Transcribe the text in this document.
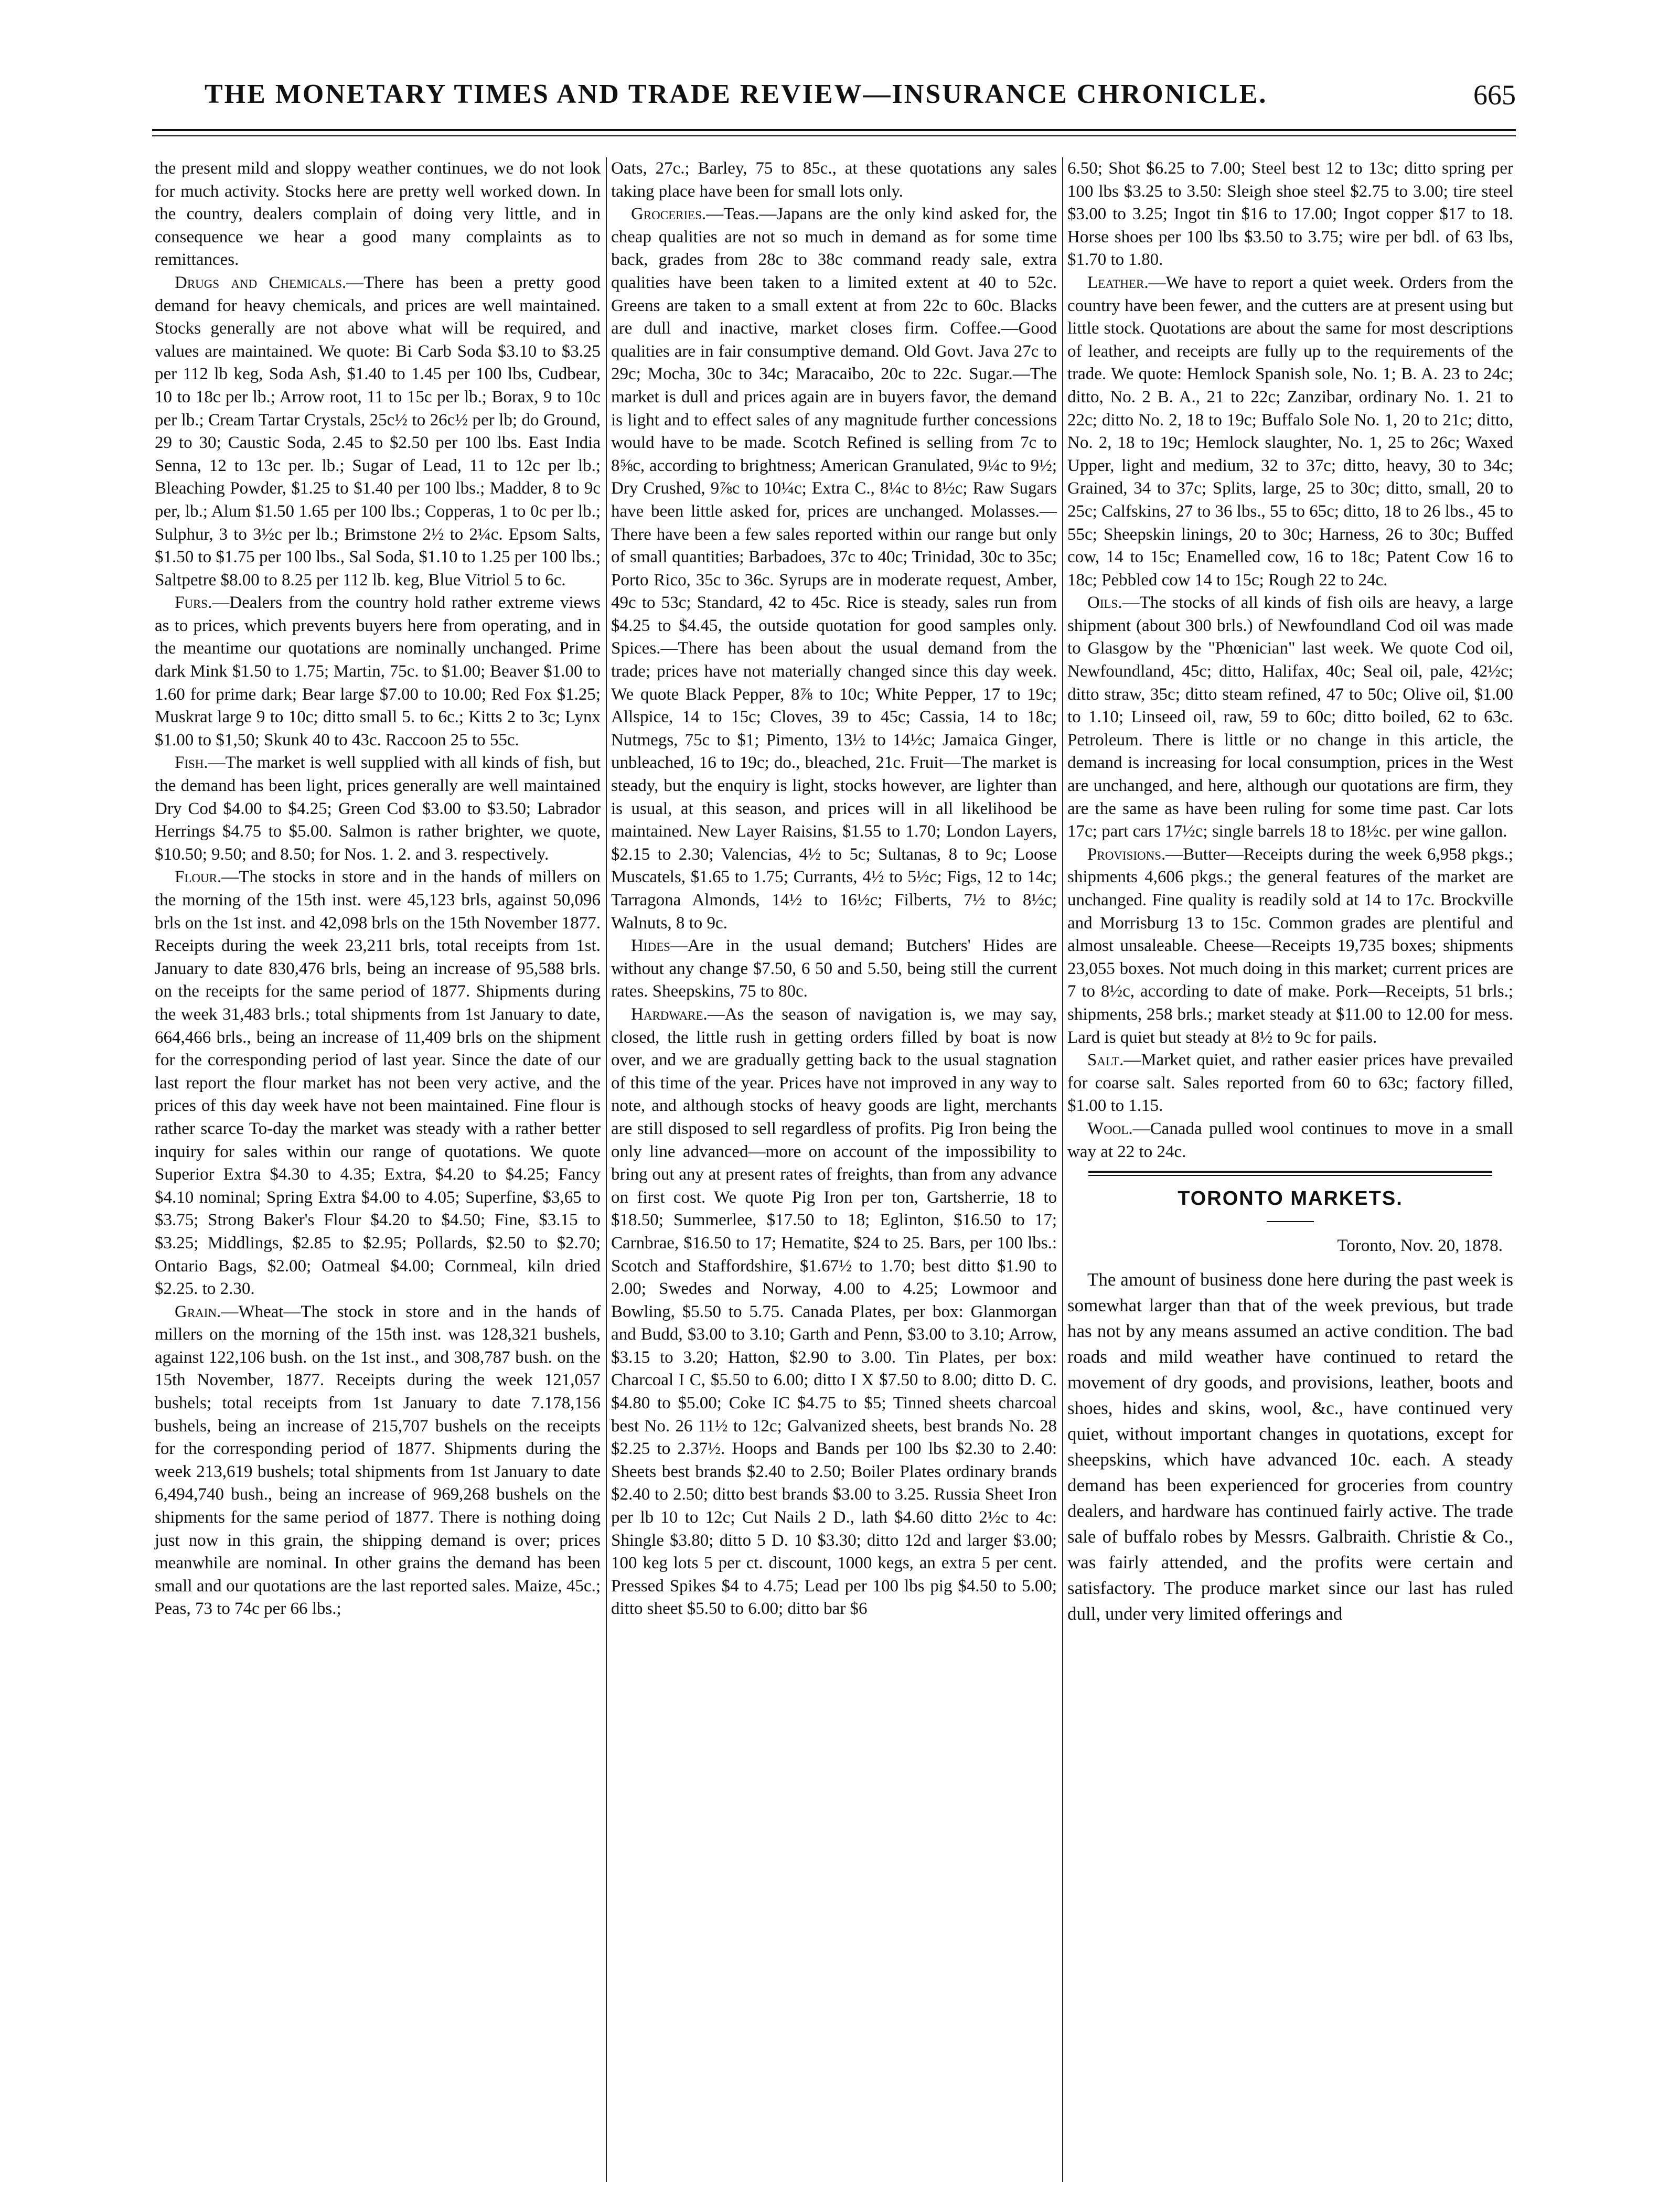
THE MONETARY TIMES AND TRADE REVIEW—INSURANCE CHRONICLE.	665

the present mild and sloppy weather continues, we do not look for much activity. Stocks here are pretty well worked down. In the country, dealers complain of doing very little, and in consequence we hear a good many complaints as to remittances.

Drugs and Chemicals.—There has been a pretty good demand for heavy chemicals, and prices are well maintained. Stocks generally are not above what will be required, and values are maintained. We quote: Bi Carb Soda $3.10 to $3.25 per 112 lb keg, Soda Ash, $1.40 to 1.45 per 100 lbs, Cudbear, 10 to 18c per lb.; Arrow root, 11 to 15c per lb.; Borax, 9 to 10c per lb.; Cream Tartar Crystals, 25c½ to 26c½ per lb; do Ground, 29 to 30; Caustic Soda, 2.45 to $2.50 per 100 lbs. East India Senna, 12 to 13c per. lb.; Sugar of Lead, 11 to 12c per lb.; Bleaching Powder, $1.25 to $1.40 per 100 lbs.; Madder, 8 to 9c per, lb.; Alum $1.50 1.65 per 100 lbs.; Copperas, 1 to 0c per lb.; Sulphur, 3 to 3½c per lb.; Brimstone 2½ to 2¼c. Epsom Salts, $1.50 to $1.75 per 100 lbs., Sal Soda, $1.10 to 1.25 per 100 lbs.; Saltpetre $8.00 to 8.25 per 112 lb. keg, Blue Vitriol 5 to 6c.

Furs.—Dealers from the country hold rather extreme views as to prices, which prevents buyers here from operating, and in the meantime our quotations are nominally unchanged. Prime dark Mink $1.50 to 1.75; Martin, 75c. to $1.00; Beaver $1.00 to 1.60 for prime dark; Bear large $7.00 to 10.00; Red Fox $1.25; Muskrat large 9 to 10c; ditto small 5. to 6c.; Kitts 2 to 3c; Lynx $1.00 to $1,50; Skunk 40 to 43c. Raccoon 25 to 55c.

Fish.—The market is well supplied with all kinds of fish, but the demand has been light, prices generally are well maintained Dry Cod $4.00 to $4.25; Green Cod $3.00 to $3.50; Labrador Herrings $4.75 to $5.00. Salmon is rather brighter, we quote, $10.50; 9.50; and 8.50; for Nos. 1. 2. and 3. respectively.

Flour.—The stocks in store and in the hands of millers on the morning of the 15th inst. were 45,123 brls, against 50,096 brls on the 1st inst. and 42,098 brls on the 15th November 1877. Receipts during the week 23,211 brls, total receipts from 1st. January to date 830,476 brls, being an increase of 95,588 brls. on the receipts for the same period of 1877. Shipments during the week 31,483 brls.; total shipments from 1st January to date, 664,466 brls., being an increase of 11,409 brls on the shipment for the corresponding period of last year. Since the date of our last report the flour market has not been very active, and the prices of this day week have not been maintained. Fine flour is rather scarce To-day the market was steady with a rather better inquiry for sales within our range of quotations. We quote Superior Extra $4.30 to 4.35; Extra, $4.20 to $4.25; Fancy $4.10 nominal; Spring Extra $4.00 to 4.05; Superfine, $3,65 to $3.75; Strong Baker's Flour $4.20 to $4.50; Fine, $3.15 to $3.25; Middlings, $2.85 to $2.95; Pollards, $2.50 to $2.70; Ontario Bags, $2.00; Oatmeal $4.00; Cornmeal, kiln dried $2.25. to 2.30.

Grain.—Wheat—The stock in store and in the hands of millers on the morning of the 15th inst. was 128,321 bushels, against 122,106 bush. on the 1st inst., and 308,787 bush. on the 15th November, 1877. Receipts during the week 121,057 bushels; total receipts from 1st January to date 7.178,156 bushels, being an increase of 215,707 bushels on the receipts for the corresponding period of 1877. Shipments during the week 213,619 bushels; total shipments from 1st January to date 6,494,740 bush., being an increase of 969,268 bushels on the shipments for the same period of 1877. There is nothing doing just now in this grain, the shipping demand is over; prices meanwhile are nominal. In other grains the demand has been small and our quotations are the last reported sales. Maize, 45c.; Peas, 73 to 74c per 66 lbs.;

Oats, 27c.; Barley, 75 to 85c., at these quotations any sales taking place have been for small lots only.

Groceries.—Teas.—Japans are the only kind asked for, the cheap qualities are not so much in demand as for some time back, grades from 28c to 38c command ready sale, extra qualities have been taken to a limited extent at 40 to 52c. Greens are taken to a small extent at from 22c to 60c. Blacks are dull and inactive, market closes firm. Coffee.—Good qualities are in fair consumptive demand. Old Govt. Java 27c to 29c; Mocha, 30c to 34c; Maracaibo, 20c to 22c. Sugar.—The market is dull and prices again are in buyers favor, the demand is light and to effect sales of any magnitude further concessions would have to be made. Scotch Refined is selling from 7c to 8⅝c, according to brightness; American Granulated, 9¼c to 9½; Dry Crushed, 9⅞c to 10¼c; Extra C., 8¼c to 8½c; Raw Sugars have been little asked for, prices are unchanged. Molasses.—There have been a few sales reported within our range but only of small quantities; Barbadoes, 37c to 40c; Trinidad, 30c to 35c; Porto Rico, 35c to 36c. Syrups are in moderate request, Amber, 49c to 53c; Standard, 42 to 45c. Rice is steady, sales run from $4.25 to $4.45, the outside quotation for good samples only. Spices.—There has been about the usual demand from the trade; prices have not materially changed since this day week. We quote Black Pepper, 8⅞ to 10c; White Pepper, 17 to 19c; Allspice, 14 to 15c; Cloves, 39 to 45c; Cassia, 14 to 18c; Nutmegs, 75c to $1; Pimento, 13½ to 14½c; Jamaica Ginger, unbleached, 16 to 19c; do., bleached, 21c. Fruit—The market is steady, but the enquiry is light, stocks however, are lighter than is usual, at this season, and prices will in all likelihood be maintained. New Layer Raisins, $1.55 to 1.70; London Layers, $2.15 to 2.30; Valencias, 4½ to 5c; Sultanas, 8 to 9c; Loose Muscatels, $1.65 to 1.75; Currants, 4½ to 5½c; Figs, 12 to 14c; Tarragona Almonds, 14½ to 16½c; Filberts, 7½ to 8½c; Walnuts, 8 to 9c.

Hides—Are in the usual demand; Butchers' Hides are without any change $7.50, 6 50 and 5.50, being still the current rates. Sheepskins, 75 to 80c.

Hardware.—As the season of navigation is, we may say, closed, the little rush in getting orders filled by boat is now over, and we are gradually getting back to the usual stagnation of this time of the year. Prices have not improved in any way to note, and although stocks of heavy goods are light, merchants are still disposed to sell regardless of profits. Pig Iron being the only line advanced—more on account of the impossibility to bring out any at present rates of freights, than from any advance on first cost. We quote Pig Iron per ton, Gartsherrie, 18 to $18.50; Summerlee, $17.50 to 18; Eglinton, $16.50 to 17; Carnbrae, $16.50 to 17; Hematite, $24 to 25. Bars, per 100 lbs.: Scotch and Staffordshire, $1.67½ to 1.70; best ditto $1.90 to 2.00; Swedes and Norway, 4.00 to 4.25; Lowmoor and Bowling, $5.50 to 5.75. Canada Plates, per box: Glanmorgan and Budd, $3.00 to 3.10; Garth and Penn, $3.00 to 3.10; Arrow, $3.15 to 3.20; Hatton, $2.90 to 3.00. Tin Plates, per box: Charcoal I C, $5.50 to 6.00; ditto I X $7.50 to 8.00; ditto D. C. $4.80 to $5.00; Coke IC $4.75 to $5; Tinned sheets charcoal best No. 26 11½ to 12c; Galvanized sheets, best brands No. 28 $2.25 to 2.37½. Hoops and Bands per 100 lbs $2.30 to 2.40: Sheets best brands $2.40 to 2.50; Boiler Plates ordinary brands $2.40 to 2.50; ditto best brands $3.00 to 3.25. Russia Sheet Iron per lb 10 to 12c; Cut Nails 2 D., lath $4.60 ditto 2½c to 4c: Shingle $3.80; ditto 5 D. 10 $3.30; ditto 12d and larger $3.00; 100 keg lots 5 per ct. discount, 1000 kegs, an extra 5 per cent. Pressed Spikes $4 to 4.75; Lead per 100 lbs pig $4.50 to 5.00; ditto sheet $5.50 to 6.00; ditto bar $6

6.50; Shot $6.25 to 7.00; Steel best 12 to 13c; ditto spring per 100 lbs $3.25 to 3.50: Sleigh shoe steel $2.75 to 3.00; tire steel $3.00 to 3.25; Ingot tin $16 to 17.00; Ingot copper $17 to 18. Horse shoes per 100 lbs $3.50 to 3.75; wire per bdl. of 63 lbs, $1.70 to 1.80.

Leather.—We have to report a quiet week. Orders from the country have been fewer, and the cutters are at present using but little stock. Quotations are about the same for most descriptions of leather, and receipts are fully up to the requirements of the trade. We quote: Hemlock Spanish sole, No. 1; B. A. 23 to 24c; ditto, No. 2 B. A., 21 to 22c; Zanzibar, ordinary No. 1. 21 to 22c; ditto No. 2, 18 to 19c; Buffalo Sole No. 1, 20 to 21c; ditto, No. 2, 18 to 19c; Hemlock slaughter, No. 1, 25 to 26c; Waxed Upper, light and medium, 32 to 37c; ditto, heavy, 30 to 34c; Grained, 34 to 37c; Splits, large, 25 to 30c; ditto, small, 20 to 25c; Calfskins, 27 to 36 lbs., 55 to 65c; ditto, 18 to 26 lbs., 45 to 55c; Sheepskin linings, 20 to 30c; Harness, 26 to 30c; Buffed cow, 14 to 15c; Enamelled cow, 16 to 18c; Patent Cow 16 to 18c; Pebbled cow 14 to 15c; Rough 22 to 24c.

Oils.—The stocks of all kinds of fish oils are heavy, a large shipment (about 300 brls.) of Newfoundland Cod oil was made to Glasgow by the "Phœnician" last week. We quote Cod oil, Newfoundland, 45c; ditto, Halifax, 40c; Seal oil, pale, 42½c; ditto straw, 35c; ditto steam refined, 47 to 50c; Olive oil, $1.00 to 1.10; Linseed oil, raw, 59 to 60c; ditto boiled, 62 to 63c. Petroleum. There is little or no change in this article, the demand is increasing for local consumption, prices in the West are unchanged, and here, although our quotations are firm, they are the same as have been ruling for some time past. Car lots 17c; part cars 17½c; single barrels 18 to 18½c. per wine gallon.

Provisions.—Butter—Receipts during the week 6,958 pkgs.; shipments 4,606 pkgs.; the general features of the market are unchanged. Fine quality is readily sold at 14 to 17c. Brockville and Morrisburg 13 to 15c. Common grades are plentiful and almost unsaleable. Cheese—Receipts 19,735 boxes; shipments 23,055 boxes. Not much doing in this market; current prices are 7 to 8½c, according to date of make. Pork—Receipts, 51 brls.; shipments, 258 brls.; market steady at $11.00 to 12.00 for mess. Lard is quiet but steady at 8½ to 9c for pails.

Salt.—Market quiet, and rather easier prices have prevailed for coarse salt. Sales reported from 60 to 63c; factory filled, $1.00 to 1.15.

Wool.—Canada pulled wool continues to move in a small way at 22 to 24c.

TORONTO MARKETS.
Toronto, Nov. 20, 1878.

The amount of business done here during the past week is somewhat larger than that of the week previous, but trade has not by any means assumed an active condition. The bad roads and mild weather have continued to retard the movement of dry goods, and provisions, leather, boots and shoes, hides and skins, wool, &c., have continued very quiet, without important changes in quotations, except for sheepskins, which have advanced 10c. each. A steady demand has been experienced for groceries from country dealers, and hardware has continued fairly active. The trade sale of buffalo robes by Messrs. Galbraith. Christie & Co., was fairly attended, and the profits were certain and satisfactory. The produce market since our last has ruled dull, under very limited offerings and
